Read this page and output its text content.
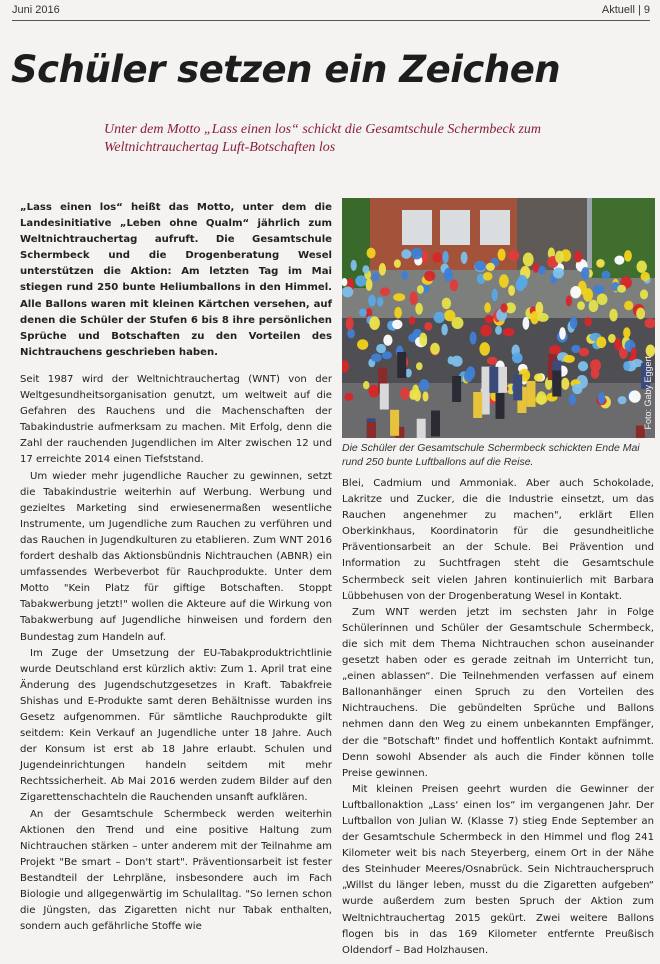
Juni 2016	Aktuell | 9
Schüler setzen ein Zeichen

Unter dem Motto „Lass einen los“ schickt die Gesamtschule Schermbeck zum Weltnichtrauchertag Luft-Botschaften los

„Lass einen los“ heißt das Motto, unter dem die Landesinitiative „Leben ohne Qualm“ jährlich zum Weltnichtrauchertag aufruft. Die Gesamtschule Schermbeck und die Drogenberatung Wesel unterstützen die Aktion: Am letzten Tag im Mai stiegen rund 250 bunte Heliumballons in den Himmel. Alle Ballons waren mit kleinen Kärtchen versehen, auf denen die Schüler der Stufen 6 bis 8 ihre persönlichen Sprüche und Botschaften zu den Vorteilen des Nichtrauchens geschrieben haben.

Seit 1987 wird der Weltnichtrauchertag (WNT) von der Weltgesundheitsorganisation genutzt, um weltweit auf die Gefahren des Rauchens und die Machenschaften der Tabakindustrie aufmerksam zu machen. Mit Erfolg, denn die Zahl der rauchenden Jugendlichen im Alter zwischen 12 und 17 erreichte 2014 einen Tiefststand.

Um wieder mehr jugendliche Raucher zu gewinnen, setzt die Tabakindustrie weiterhin auf Werbung. Werbung und gezieltes Marketing sind erwiesenermaßen wesentliche Instrumente, um Jugendliche zum Rauchen zu verführen und das Rauchen in Jugendkulturen zu etablieren. Zum WNT 2016 fordert deshalb das Aktionsbündnis Nichtrauchen (ABNR) ein umfassendes Werbeverbot für Rauchprodukte. Unter dem Motto "Kein Platz für giftige Botschaften. Stoppt Tabakwerbung jetzt!" wollen die Akteure auf die Wirkung von Tabakwerbung auf Jugendliche hinweisen und fordern den Bundestag zum Handeln auf.

Im Zuge der Umsetzung der EU-Tabakproduktrichtlinie wurde Deutschland erst kürzlich aktiv: Zum 1. April trat eine Änderung des Jugendschutzgesetzes in Kraft. Tabakfreie Shishas und E-Produkte samt deren Behältnisse wurden ins Gesetz aufgenommen. Für sämtliche Rauchprodukte gilt seitdem: Kein Verkauf an Jugendliche unter 18 Jahre. Auch der Konsum ist erst ab 18 Jahre erlaubt. Schulen und Jugendeinrichtungen handeln seitdem mit mehr Rechtssicherheit. Ab Mai 2016 werden zudem Bilder auf den Zigarettenschachteln die Rauchenden unsanft aufklären.

An der Gesamtschule Schermbeck werden weiterhin Aktionen den Trend und eine positive Haltung zum Nichtrauchen stärken – unter anderem mit der Teilnahme am Projekt "Be smart – Don't start". Präventionsarbeit ist fester Bestandteil der Lehrpläne, insbesondere auch im Fach Biologie und allgegenwärtig im Schulalltag. "So lernen schon die Jüngsten, das Zigaretten nicht nur Tabak enthalten, sondern auch gefährliche Stoffe wie

Foto: Gaby Eggert

Die Schüler der Gesamtschule Schermbeck schickten Ende Mai rund 250 bunte Luftballons auf die Reise.

Blei, Cadmium und Ammoniak. Aber auch Schokolade, Lakritze und Zucker, die die Industrie einsetzt, um das Rauchen angenehmer zu machen", erklärt Ellen Oberkinkhaus, Koordinatorin für die gesundheitliche Präventionsarbeit an der Schule. Bei Prävention und Information zu Suchtfragen steht die Gesamtschule Schermbeck seit vielen Jahren kontinuierlich mit Barbara Lübbehusen von der Drogenberatung Wesel in Kontakt.

Zum WNT werden jetzt im sechsten Jahr in Folge Schülerinnen und Schüler der Gesamtschule Schermbeck, die sich mit dem Thema Nichtrauchen schon auseinander gesetzt haben oder es gerade zeitnah im Unterricht tun, „einen ablassen“. Die Teilnehmenden verfassen auf einem Ballonanhänger einen Spruch zu den Vorteilen des Nichtrauchens. Die gebündelten Sprüche und Ballons nehmen dann den Weg zu einem unbekannten Empfänger, der die "Botschaft" findet und hoffentlich Kontakt aufnimmt. Denn sowohl Absender als auch die Finder können tolle Preise gewinnen.

Mit kleinen Preisen geehrt wurden die Gewinner der Luftballonaktion „Lass‘ einen los“ im vergangenen Jahr. Der Luftballon von Julian W. (Klasse 7) stieg Ende September an der Gesamtschule Schermbeck in den Himmel und flog 241 Kilometer weit bis nach Steyerberg, einem Ort in der Nähe des Steinhuder Meeres/Osnabrück. Sein Nichtraucherspruch „Willst du länger leben, musst du die Zigaretten aufgeben“ wurde außerdem zum besten Spruch der Aktion zum Weltnichtrauchertag 2015 gekürt. Zwei weitere Ballons flogen bis in das 169 Kilometer entfernte Preußisch Oldendorf – Bad Holzhausen.
